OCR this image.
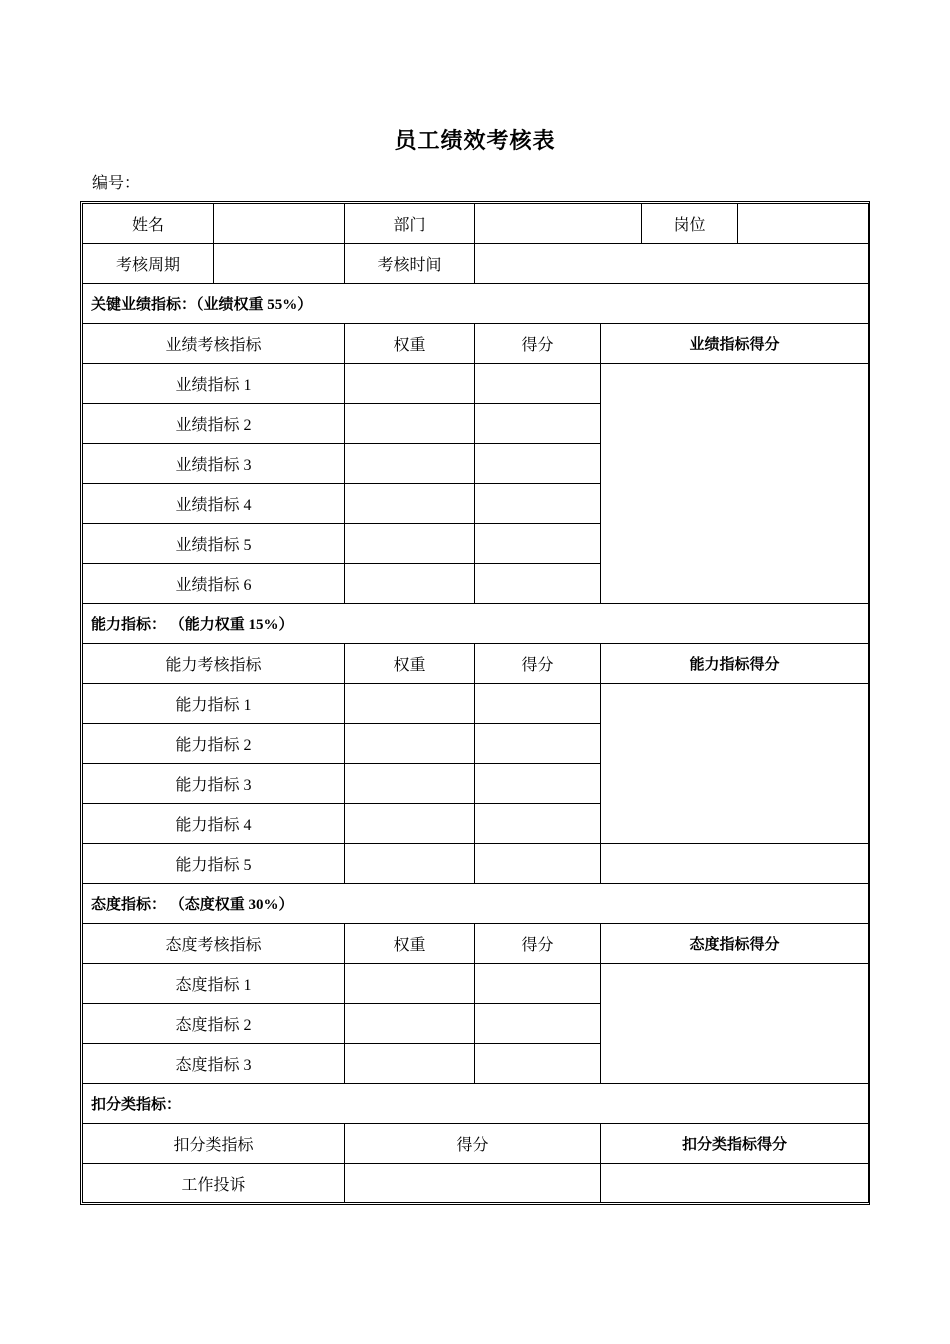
员工绩效考核表
编号：
姓名		部门			岗位	
考核周期		考核时间				
关键业绩指标：（业绩权重 55%）						
业绩考核指标		权重	得分	业绩指标得分		
业绩指标 1						
业绩指标 2						
业绩指标 3						
业绩指标 4						
业绩指标 5						
业绩指标 6						
能力指标： （能力权重 15%）						
能力考核指标		权重	得分	能力指标得分		
能力指标 1						
能力指标 2						
能力指标 3						
能力指标 4						
能力指标 5						
态度指标： （态度权重 30%）						
态度考核指标		权重	得分	态度指标得分		
态度指标 1						
态度指标 2						
态度指标 3						
扣分类指标：						
扣分类指标		得分		扣分类指标得分		
工作投诉						
